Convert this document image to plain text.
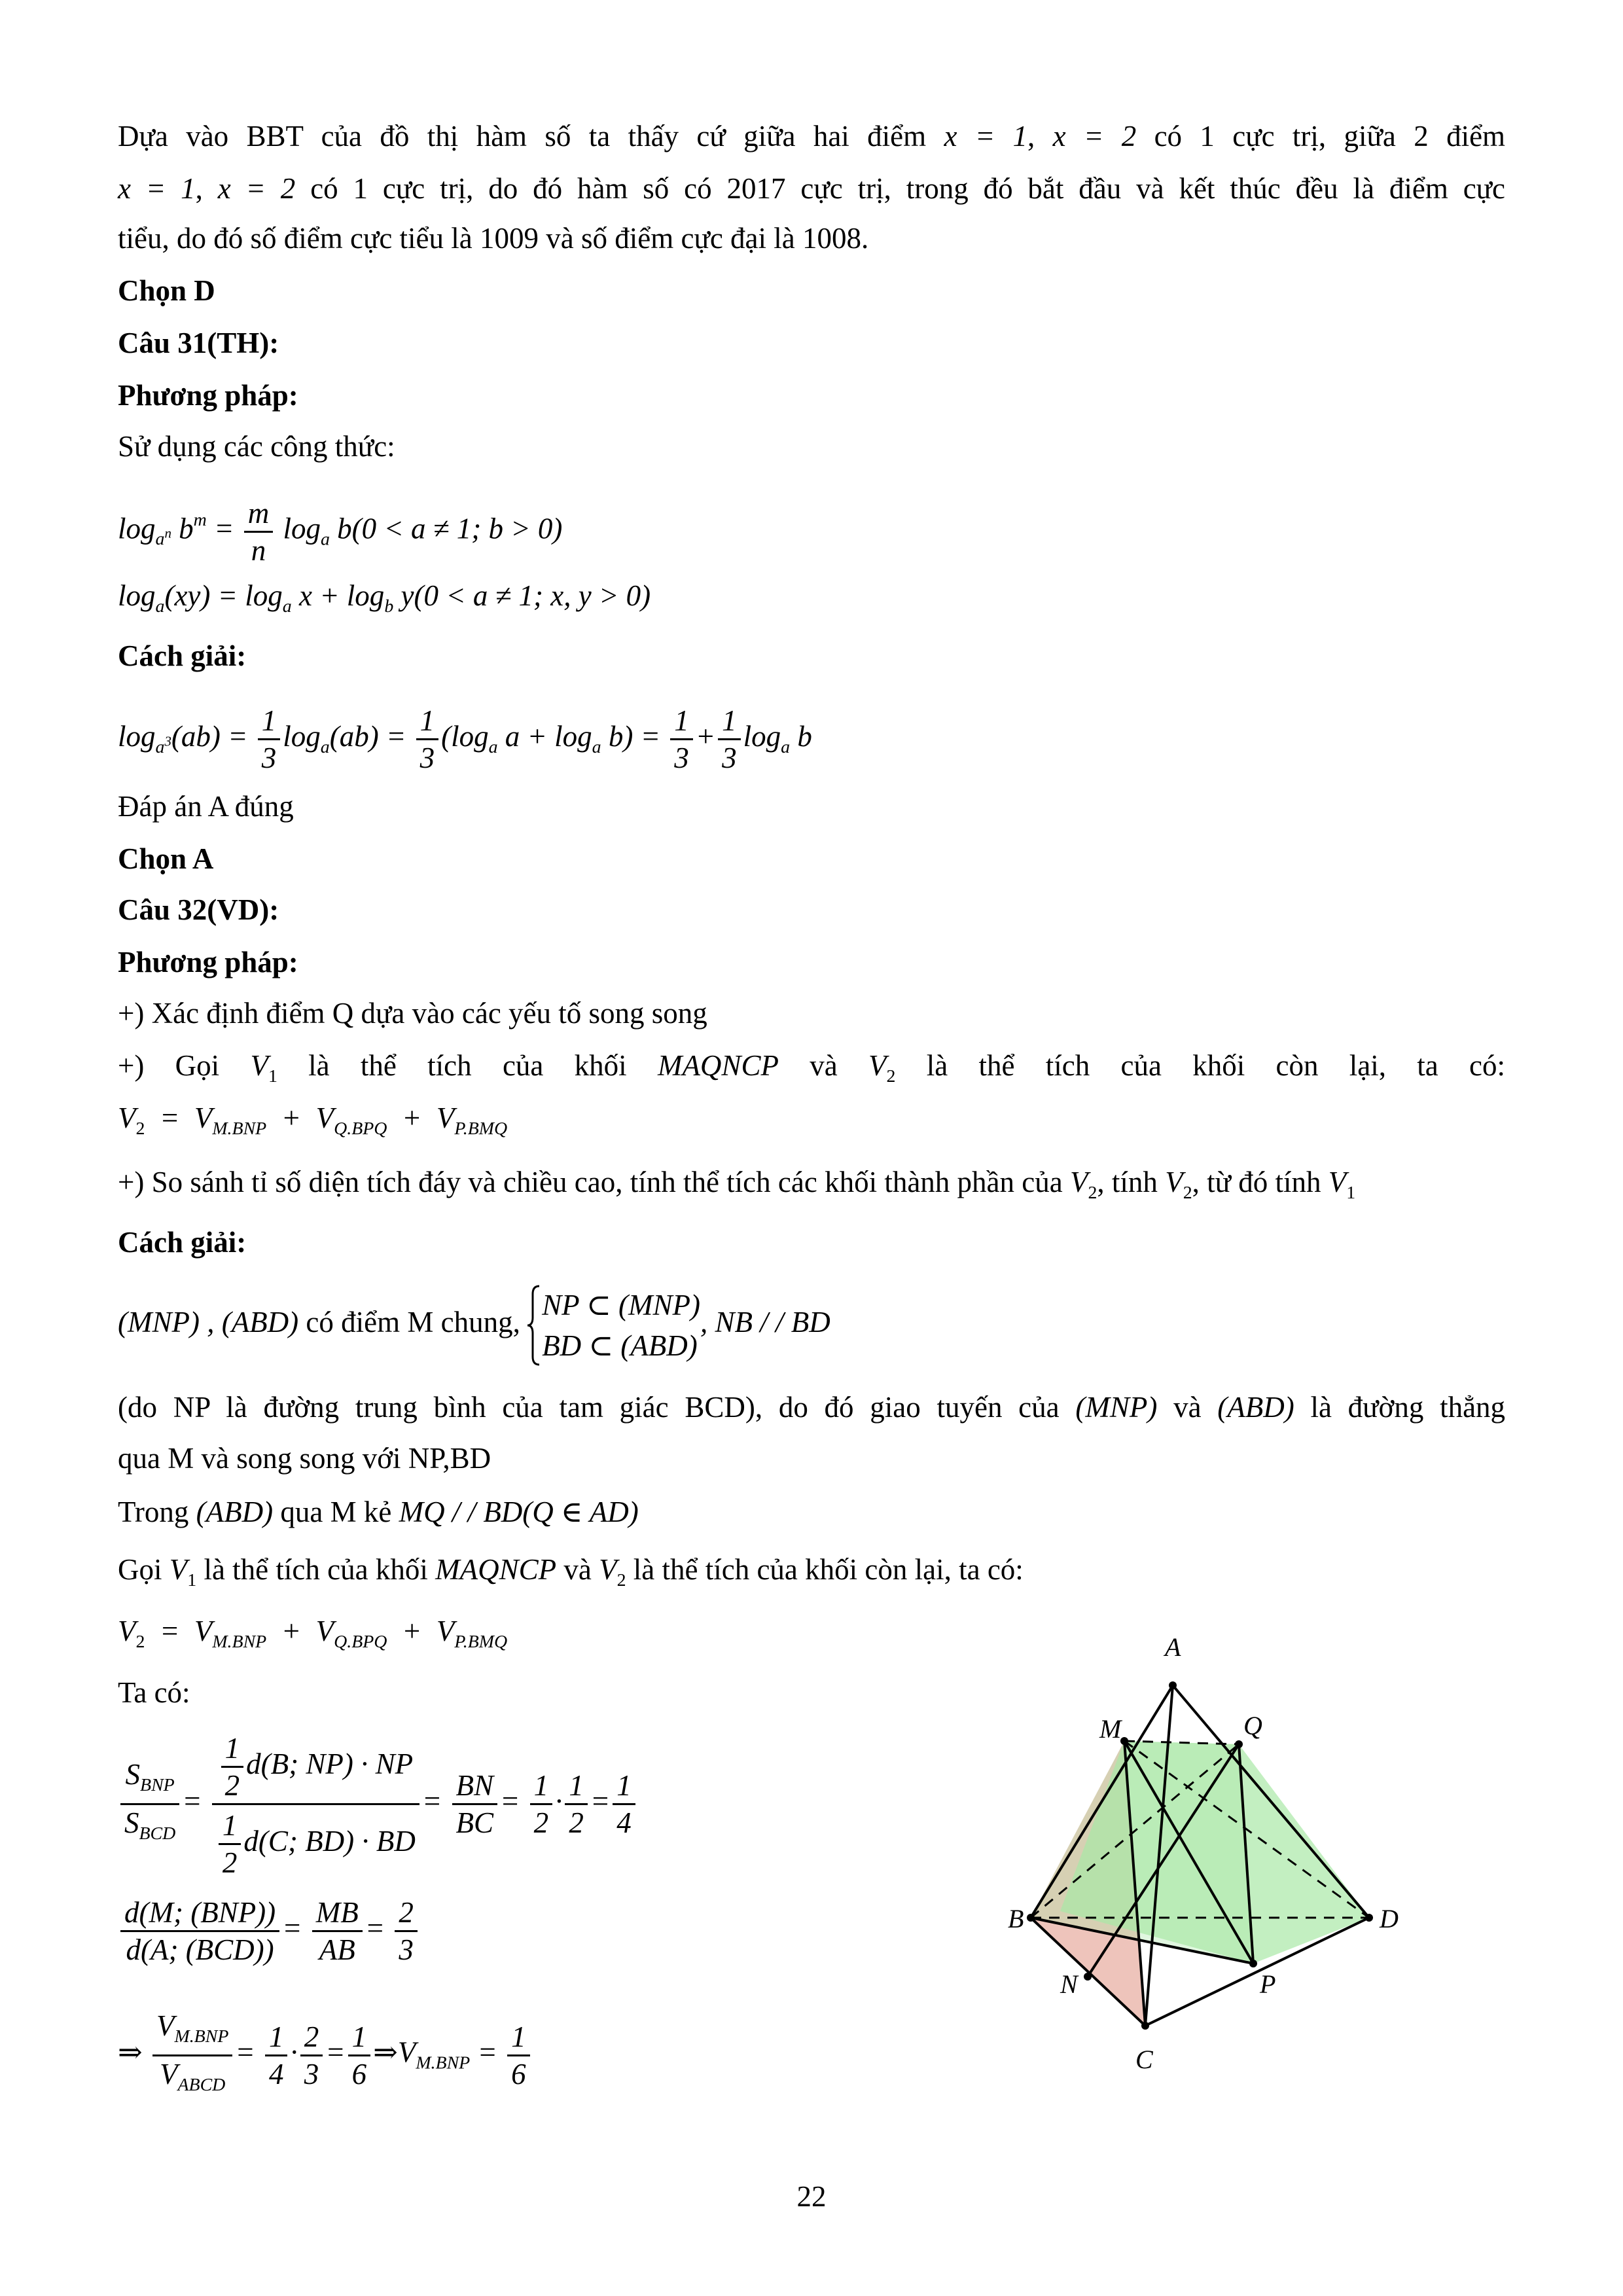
Dựa vào BBT của đồ thị hàm số ta thấy cứ giữa hai điểm x = 1, x = 2 có 1 cực trị, giữa 2 điểm
x = 1, x = 2 có 1 cực trị, do đó hàm số có 2017 cực trị, trong đó bắt đầu và kết thúc đều là điểm cực
tiểu, do đó số điểm cực tiểu là 1009 và số điểm cực đại là 1008.
Chọn D
Câu 31(TH):
Phương pháp:
Sử dụng các công thức:
$\log_{a^n} b^m = \frac{m}{n} \log_a b(0 < a \ne 1$; b > 0)
$\log_a(xy) = \log_a x + \log_b y(0 < a \ne 1$; x, y > 0)
Cách giải:
$\log_{a^3}(ab) = \frac{1}{3} \log_a(ab) = \frac{1}{3} (\log_a$ $a + \log_a b) = \frac{1}{3} + \frac{1}{3} \log_a b$
Đáp án A đúng
Chọn A
Câu 32(VD):
Phương pháp:
+) Xác định điểm Q dựa vào các yếu tố song song
+) Gọi $V_1$ là thể tích của khối MAQNCP và $V_2$ là thể tích của khối còn lại, ta có:
$V_2 = V_{M.BNP} + V_{Q.BPQ} + V_{P.BMQ}$
+) So sánh tỉ số diện tích đáy và chiều cao, tính thể tích các khối thành phần của $V_2$, tính $V_2$, từ đó tính $V_1$
Cách giải:
(MNP) , (ABD) có điểm M chung,
NP ⊂ (MNP)
BD ⊂ (ABD)
, NB / / BD
(do NP là đường trung bình của tam giác BCD), do đó giao tuyến của (MNP) và (ABD) là đường thẳng
qua M và song song với NP,BD
Trong (ABD) qua M kẻ MQ / / BD(Q ∈ AD)
Gọi $V_1$ là thể tích của khối MAQNCP và $V_2$ là thể tích của khối còn lại, ta có:
$V_2 = V_{M.BNP} + V_{Q.BPQ} + V_{P.BMQ}$
Ta có:
$\frac{S_{BNP}}{S_{BCD}} = \frac{\frac{1}{2} d(B; NP) \cdot NP}{\frac{1}{2} d(C; BD) \cdot BD} = \frac{BN}{BC} = \frac{1}{2} \cdot \frac{1}{2} = \frac{1}{4}$
$\frac{\text{d(M; (BNP))}}{\text{d(A; (BCD))}} = \frac{MB}{AB} = \frac{2}{3}$
⇒ $\frac{V_{M.BNP}}{V_{ABCD}} = \frac{1}{4} \cdot \frac{2}{3} = \frac{1}{6}$ $\Rightarrow V_{M.BNP} = \frac{1}{6}$
A
M	Q
B	D
N	P
C
22
